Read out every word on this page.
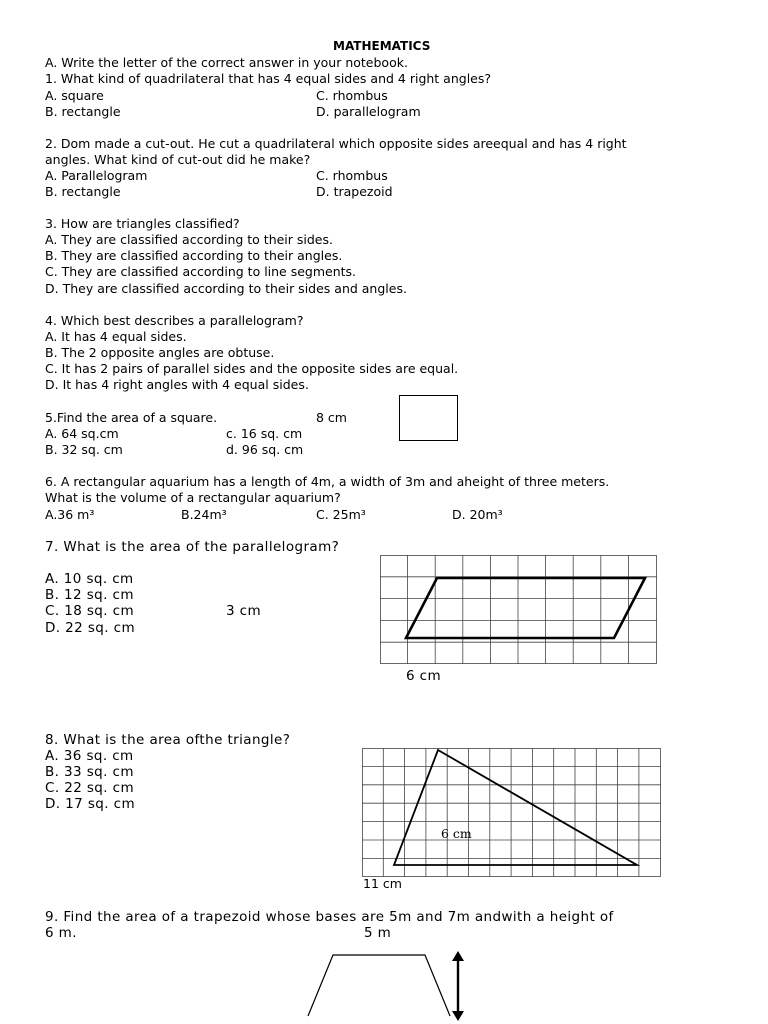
MATHEMATICS
A. Write the letter of the correct answer in your notebook.
1. What kind of quadrilateral that has 4 equal sides and 4 right angles?
A. square	C. rhombus
B. rectangle	D. parallelogram
2. Dom made a cut-out. He cut a quadrilateral which opposite sides areequal and has 4 right
angles. What kind of cut-out did he make?
A. Parallelogram	C. rhombus
B. rectangle	D. trapezoid
3. How are triangles classified?
A. They are classified according to their sides.
B. They are classified according to their angles.
C. They are classified according to line segments.
D. They are classified according to their sides and angles.
4. Which best describes a parallelogram?
A. It has 4 equal sides.
B. The 2 opposite angles are obtuse.
C. It has 2 pairs of parallel sides and the opposite sides are equal.
D. It has 4 right angles with 4 equal sides.
5.Find the area of a square.	8 cm
A. 64 sq.cm	c. 16 sq. cm
B. 32 sq. cm	d. 96 sq. cm
6. A rectangular aquarium has a length of 4m, a width of 3m and aheight of three meters.
What is the volume of a rectangular aquarium?
A.36 m³	B.24m³	C. 25m³	D. 20m³
7. What is the area of the parallelogram?
A. 10 sq. cm
B. 12 sq. cm
C. 18 sq. cm	3 cm
D. 22 sq. cm
6 cm
8. What is the area ofthe triangle?
A. 36 sq. cm
B. 33 sq. cm
C. 22 sq. cm
D. 17 sq. cm
6 cm
11 cm
9. Find the area of a trapezoid whose bases are 5m and 7m andwith a height of
6 m.	5 m
